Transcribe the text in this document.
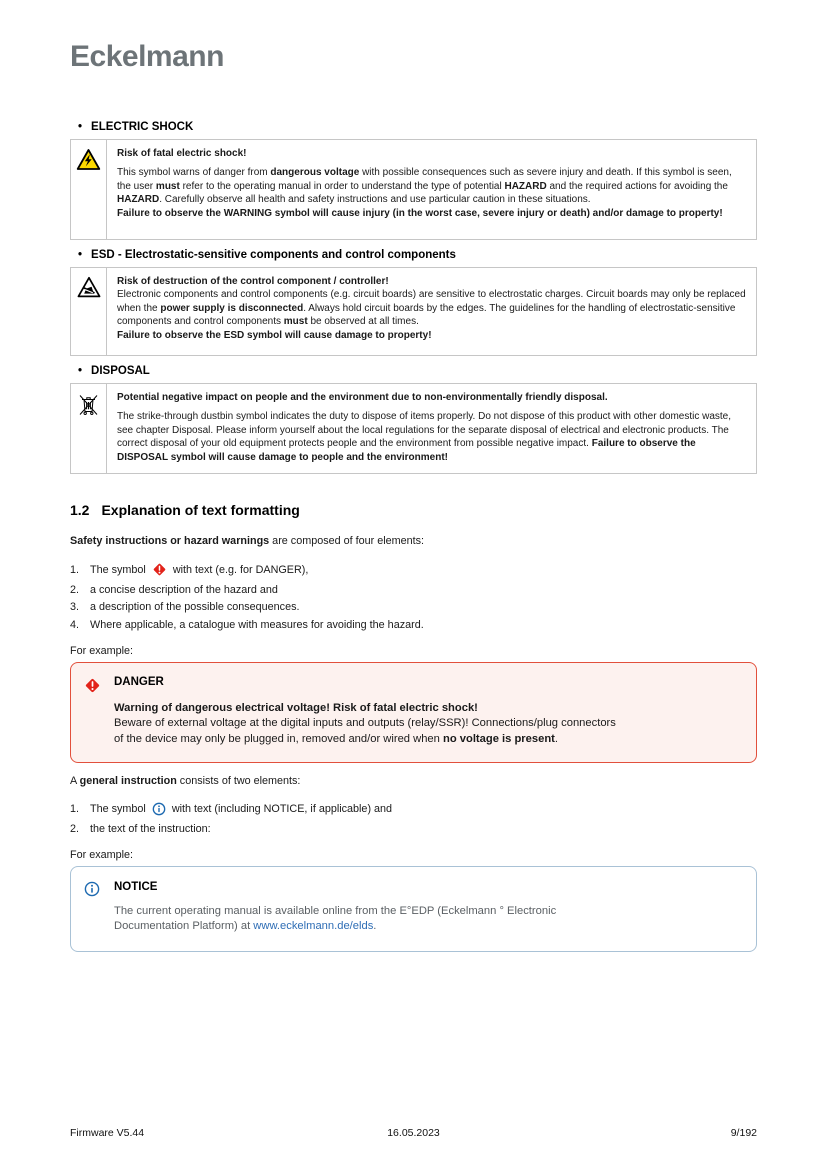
Eckelmann
• ELECTRIC SHOCK
Risk of fatal electric shock!
This symbol warns of danger from dangerous voltage with possible consequences such as severe injury and death. If this symbol is seen, the user must refer to the operating manual in order to understand the type of potential HAZARD and the required actions for avoiding the HAZARD. Carefully observe all health and safety instructions and use particular caution in these situations.
Failure to observe the WARNING symbol will cause injury (in the worst case, severe injury or death) and/or damage to property!
• ESD - Electrostatic-sensitive components and control components
Risk of destruction of the control component / controller!
Electronic components and control components (e.g. circuit boards) are sensitive to electrostatic charges. Circuit boards may only be replaced when the power supply is disconnected. Always hold circuit boards by the edges. The guidelines for the handling of electrostatic-sensitive components and control components must be observed at all times.
Failure to observe the ESD symbol will cause damage to property!
• DISPOSAL
Potential negative impact on people and the environment due to non-environmentally friendly disposal.
The strike-through dustbin symbol indicates the duty to dispose of items properly. Do not dispose of this product with other domestic waste, see chapter Disposal. Please inform yourself about the local regulations for the separate disposal of electrical and electronic products. The correct disposal of your old equipment protects people and the environment from possible negative impact. Failure to observe the DISPOSAL symbol will cause damage to people and the environment!
1.2 Explanation of text formatting
Safety instructions or hazard warnings are composed of four elements:
1.	The symbol	with text (e.g. for DANGER),
2.	a concise description of the hazard and
3.	a description of the possible consequences.
4.	Where applicable, a catalogue with measures for avoiding the hazard.
For example:
DANGER
Warning of dangerous electrical voltage! Risk of fatal electric shock!
Beware of external voltage at the digital inputs and outputs (relay/SSR)! Connections/plug connectors
of the device may only be plugged in, removed and/or wired when no voltage is present.
A general instruction consists of two elements:
1.	The symbol with text (including NOTICE, if applicable) and
2.	the text of the instruction:
For example:
NOTICE
The current operating manual is available online from the E°EDP (Eckelmann ° Electronic
Documentation Platform) at www.eckelmann.de/elds.
Firmware V5.44	16.05.2023	9/192
